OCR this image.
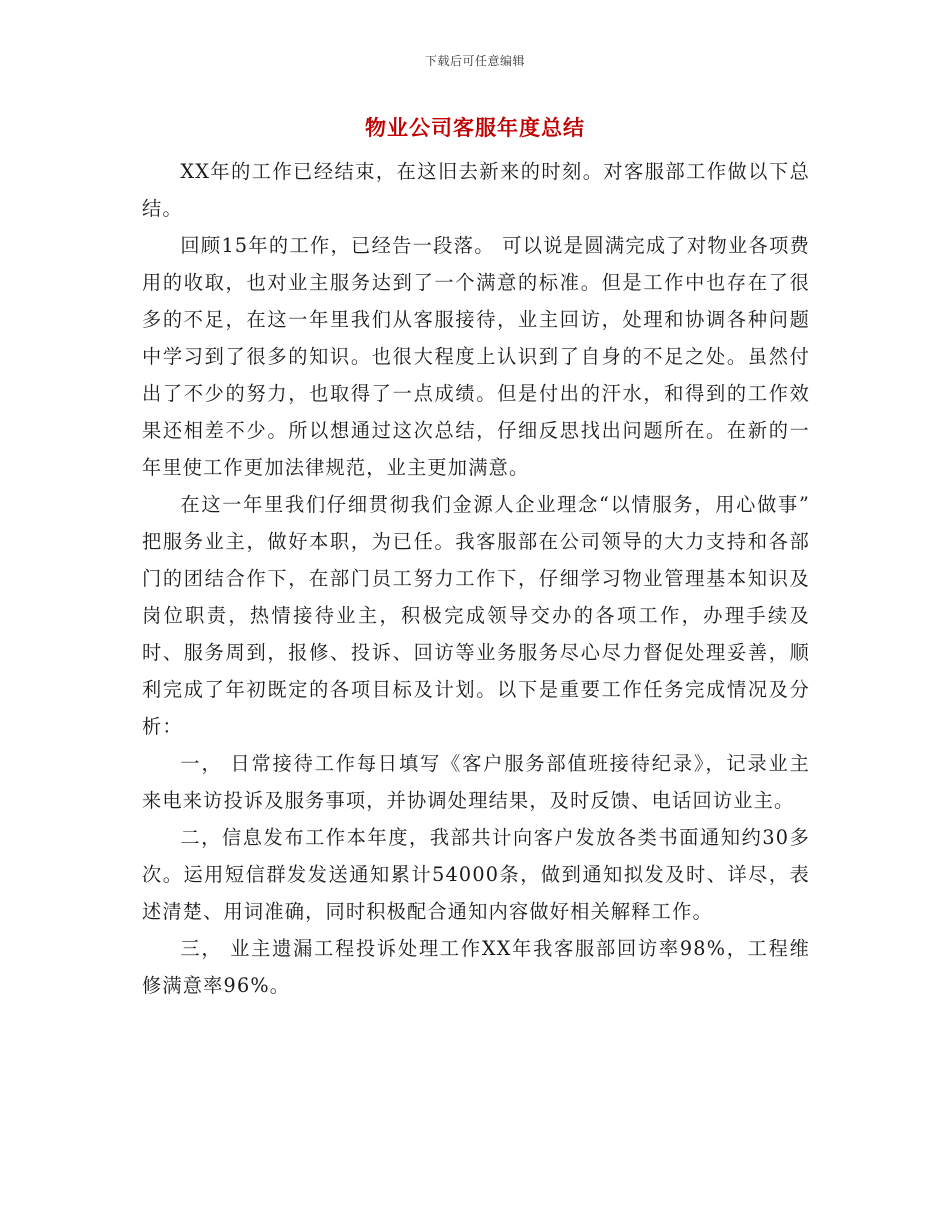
下载后可任意编辑
物业公司客服年度总结

XX年的工作已经结束，在这旧去新来的时刻。对客服部工作做以下总结。

回顾15年的工作，已经告一段落。 可以说是圆满完成了对物业各项费用的收取，也对业主服务达到了一个满意的标准。但是工作中也存在了很多的不足，在这一年里我们从客服接待，业主回访，处理和协调各种问题中学习到了很多的知识。也很大程度上认识到了自身的不足之处。虽然付出了不少的努力，也取得了一点成绩。但是付出的汗水，和得到的工作效果还相差不少。所以想通过这次总结，仔细反思找出问题所在。在新的一年里使工作更加法律规范，业主更加满意。

在这一年里我们仔细贯彻我们金源人企业理念“以情服务，用心做事” 把服务业主，做好本职，为已任。我客服部在公司领导的大力支持和各部门的团结合作下，在部门员工努力工作下，仔细学习物业管理基本知识及岗位职责，热情接待业主，积极完成领导交办的各项工作，办理手续及时、服务周到，报修、投诉、回访等业务服务尽心尽力督促处理妥善，顺利完成了年初既定的各项目标及计划。以下是重要工作任务完成情况及分析：

一， 日常接待工作每日填写《客户服务部值班接待纪录》，记录业主来电来访投诉及服务事项，并协调处理结果，及时反馈、电话回访业主。

二，信息发布工作本年度，我部共计向客户发放各类书面通知约30多次。运用短信群发发送通知累计54000条，做到通知拟发及时、详尽，表述清楚、用词准确，同时积极配合通知内容做好相关解释工作。

三， 业主遗漏工程投诉处理工作XX年我客服部回访率98%，工程维修满意率96%。
